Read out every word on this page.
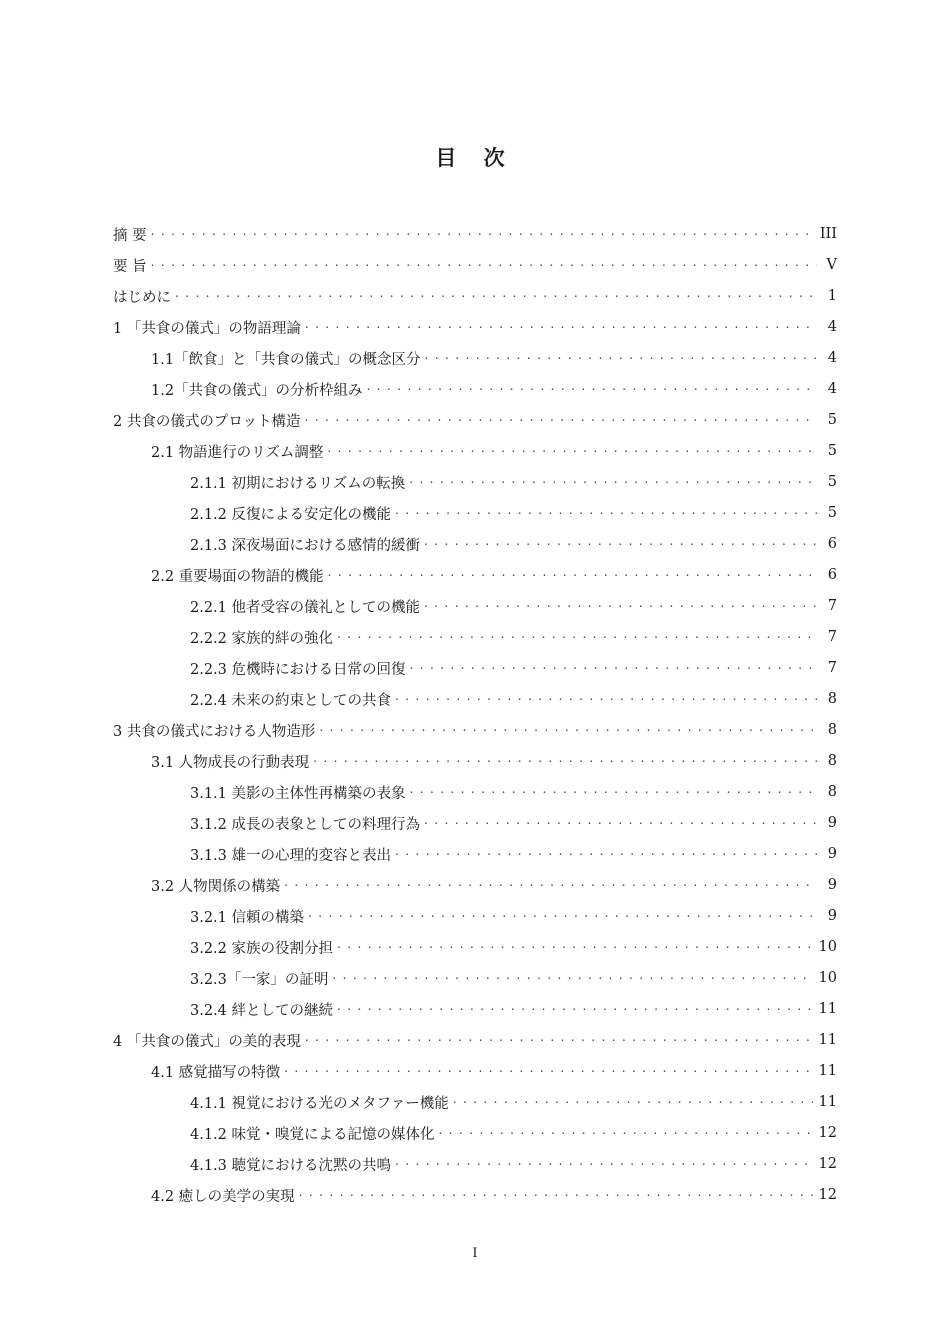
目 次
摘 要 . . .	III
要 旨 . . .	V
はじめに . . .	1
1 「共食の儀式」の物語理論 . . .	4
1.1「飲食」と「共食の儀式」の概念区分 . . .	4
1.2「共食の儀式」の分析枠組み . . .	4
2 共食の儀式のプロット構造 . . .	5
2.1 物語進行のリズム調整 . . .	5
2.1.1 初期におけるリズムの転換 . . .	5
2.1.2 反復による安定化の機能 . . .	5
2.1.3 深夜場面における感情的緩衝 . . .	6
2.2 重要場面の物語的機能 . . .	6
2.2.1 他者受容の儀礼としての機能 . . .	7
2.2.2 家族的絆の強化 . . .	7
2.2.3 危機時における日常の回復 . . .	7
2.2.4 未来の約束としての共食 . . .	8
3 共食の儀式における人物造形 . . .	8
3.1 人物成長の行動表現 . . .	8
3.1.1 美影の主体性再構築の表象 . . .	8
3.1.2 成長の表象としての料理行為 . . .	9
3.1.3 雄一の心理的変容と表出 . . .	9
3.2 人物関係の構築 . . .	9
3.2.1 信頼の構築 . . .	9
3.2.2 家族の役割分担 . . .	10
3.2.3「一家」の証明 . . .	10
3.2.4 絆としての継続 . . .	11
4 「共食の儀式」の美的表現 . . .	11
4.1 感覚描写の特徴 . . .	11
4.1.1 視覚における光のメタファー機能 . . .	11
4.1.2 味覚・嗅覚による記憶の媒体化 . . .	12
4.1.3 聴覚における沈黙の共鳴 . . .	12
4.2 癒しの美学の実現 . . .	12
I
